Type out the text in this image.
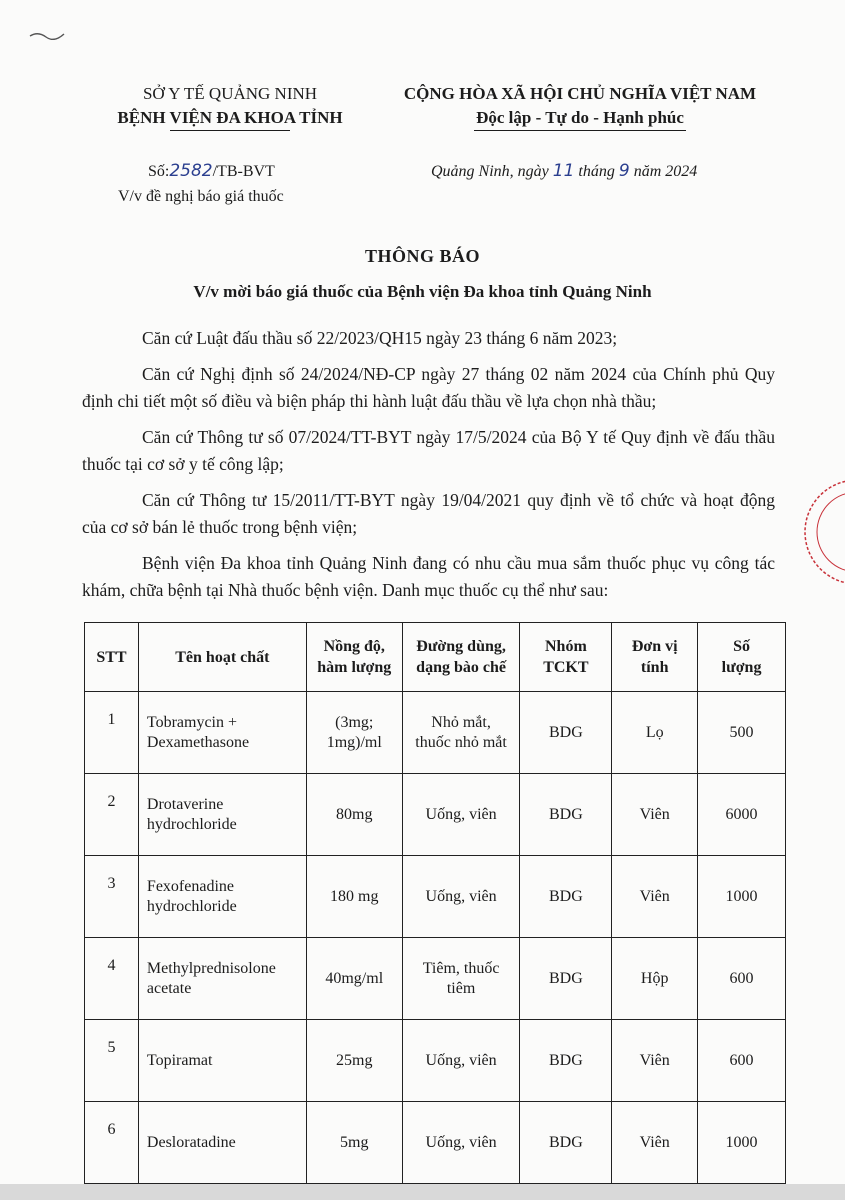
SỞ Y TẾ QUẢNG NINH
BỆNH VIỆN ĐA KHOA TỈNH
CỘNG HÒA XÃ HỘI CHỦ NGHĨA VIỆT NAM
Độc lập - Tự do - Hạnh phúc
Số:2582/TB-BVT
V/v đề nghị báo giá thuốc
Quảng Ninh, ngày 11 tháng 9 năm 2024
THÔNG BÁO
V/v mời báo giá thuốc của Bệnh viện Đa khoa tỉnh Quảng Ninh

Căn cứ Luật đấu thầu số 22/2023/QH15 ngày 23 tháng 6 năm 2023;

Căn cứ Nghị định số 24/2024/NĐ-CP ngày 27 tháng 02 năm 2024 của Chính phủ Quy định chi tiết một số điều và biện pháp thi hành luật đấu thầu về lựa chọn nhà thầu;

Căn cứ Thông tư số 07/2024/TT-BYT ngày 17/5/2024 của Bộ Y tế Quy định về đấu thầu thuốc tại cơ sở y tế công lập;

Căn cứ Thông tư 15/2011/TT-BYT ngày 19/04/2021 quy định về tổ chức và hoạt động của cơ sở bán lẻ thuốc trong bệnh viện;

Bệnh viện Đa khoa tỉnh Quảng Ninh đang có nhu cầu mua sắm thuốc phục vụ công tác khám, chữa bệnh tại Nhà thuốc bệnh viện. Danh mục thuốc cụ thể như sau:

STT	Tên hoạt chất	Nồng độ,
hàm lượng	Đường dùng,
dạng bào chế	Nhóm
TCKT	Đơn vị
tính	Số
lượng
1	Tobramycin +
Dexamethasone	(3mg;
1mg)/ml	Nhỏ mắt,
thuốc nhỏ mắt	BDG	Lọ	500
2	Drotaverine
hydrochloride	80mg	Uống, viên	BDG	Viên	6000
3	Fexofenadine
hydrochloride	180 mg	Uống, viên	BDG	Viên	1000
4	Methylprednisolone
acetate	40mg/ml	Tiêm, thuốc
tiêm	BDG	Hộp	600
5	Topiramat	25mg	Uống, viên	BDG	Viên	600
6	Desloratadine	5mg	Uống, viên	BDG	Viên	1000
